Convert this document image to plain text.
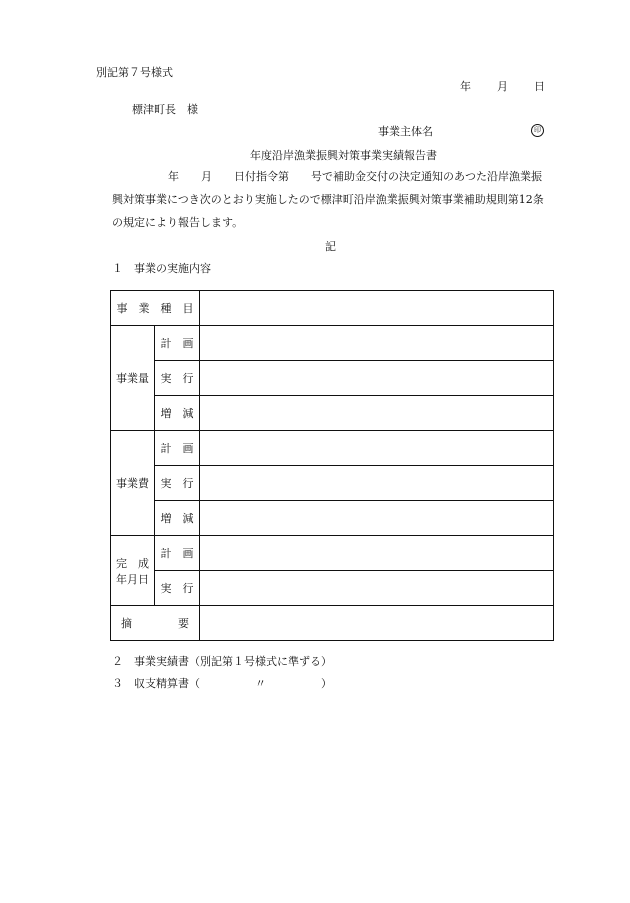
別記第７号様式
年 月 日
標津町長　様
事業主体名	印
年度沿岸漁業振興対策事業実績報告書
年　　月　　日付指令第　　号で補助金交付の決定通知のあつた沿岸漁業振
興対策事業につき次のとおり実施したので標津町沿岸漁業振興対策事業補助規則第12条
の規定により報告します。
記
１　事業の実施内容
事　業　種　目		
事業量	計　画	
	実　行	
	増　減	
事業費	計　画	
	実　行	
	増　減	

完　成
年月日	計　画	
	実　行	

摘 要		

２　事業実績書（別記第１号様式に準ずる）
３　収支精算書（　　　　　〃　　　　　）
